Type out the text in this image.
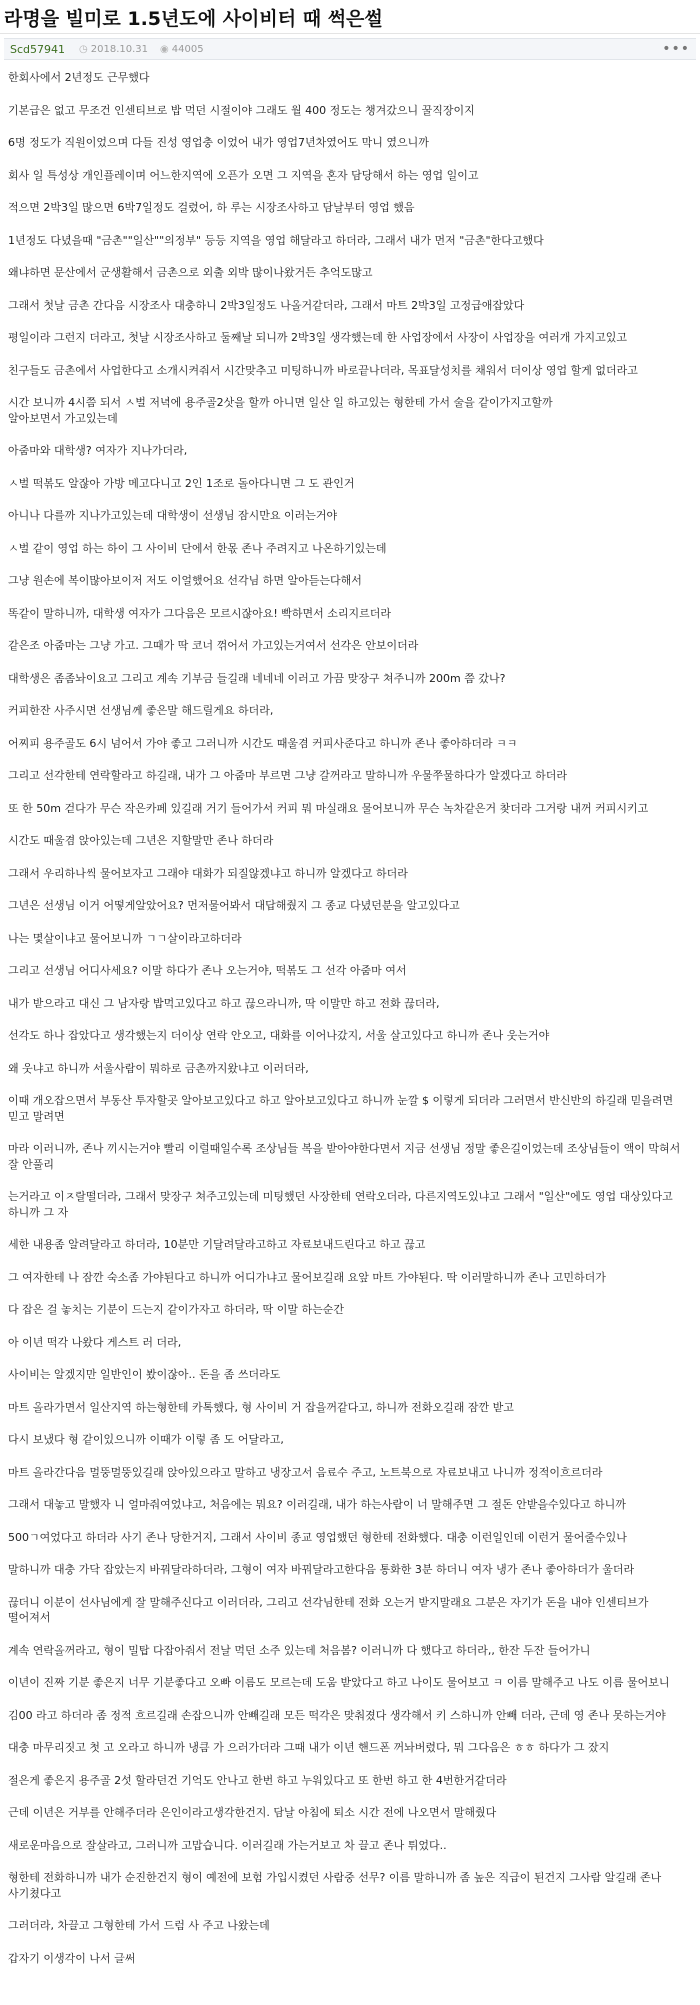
라명을 빌미로 1.5년도에 사이비터 때 썩은썰
Scd57941 ◷ 2018.10.31 ◉ 44005	•••

한회사에서 2년정도 근무했다

기본급은 없고 무조건 인센티브로 밥 먹던 시절이야 그래도 월 400 정도는 챙겨갔으니 꿀직장이지

6명 정도가 직원이었으며 다들 진성 영업충 이었어 내가 영업7년차였어도 막니 였으니까

회사 일 특성상 개인플레이며 어느한지역에 오픈가 오면 그 지역을 혼자 담당해서 하는 영업 일이고

적으면 2박3일 많으면 6박7일정도 걸렸어, 하 루는 시장조사하고 담날부터 영업 했음

1년정도 다녔을때 "금촌""일산""의정부" 등등 지역을 영업 해달라고 하더라, 그래서 내가 먼저 "금촌"한다고했다

왜냐하면 문산에서 군생활해서 금촌으로 외출 외박 많이나왔거든 추억도많고

그래서 첫날 금촌 간다음 시장조사 대충하니 2박3일정도 나올거같더라, 그래서 마트 2박3일 고정급애잡았다

평일이라 그런지 더라고, 첫날 시장조사하고 둘째날 되니까 2박3일 생각했는데 한 사업장에서 사장이 사업장을 여러개 가지고있고

친구들도 금촌에서 사업한다고 소개시켜줘서 시간맞추고 미팅하니까 바로끝나더라, 목표달성치를 채워서 더이상 영업 할게 없더라고

시간 보니까 4시쯤 되서 ㅅ벌 저녁에 용주골2삿을 할까 아니면 일산 일 하고있는 형한테 가서 술을 같이가지고할까
알아보면서 가고있는데

아줌마와 대학생? 여자가 지나가더라,

ㅅ벌 떡볶도 알잖아 가방 메고다니고 2인 1조로 돌아다니면 그 도 관인거

아니나 다를까 지나가고있는데 대학생이 선생님 잠시만요 이러는거야

ㅅ벌 같이 영업 하는 하이 그 사이비 단에서 한몫 존나 주려지고 나온하기있는데

그냥 원손에 복이많아보이저 저도 이얼했어요 선각님 하면 알아듣는다해서

똑같이 말하니까, 대학생 여자가 그다음은 모르시잖아요! 빡하면서 소리지르더라

같은조 아줌마는 그냥 가고. 그때가 딱 코너 꺾어서 가고있는거여서 선각은 안보이더라

대학생은 좀좀놔이요고 그리고 계속 기부금 들길래 네네네 이러고 가끔 맞장구 쳐주니까 200m 쯤 갔나?

커피한잔 사주시면 선생님께 좋은말 해드릴게요 하더라,

어찌피 용주골도 6시 넘어서 가야 좋고 그러니까 시간도 때울겸 커피사준다고 하니까 존나 좋아하더라 ㅋㅋ

그리고 선각한테 연락할라고 하길래, 내가 그 아줌마 부르면 그냥 갈꺼라고 말하니까 우물쭈물하다가 알겠다고 하더라

또 한 50m 걷다가 무슨 작은카페 있길래 거기 들어가서 커피 뭐 마실래요 물어보니까 무슨 녹차같은거 찾더라 그거랑 내꺼 커피시키고

시간도 때울겸 앉아있는데 그년은 지할말만 존나 하더라

그래서 우리하나씩 물어보자고 그래야 대화가 되질않겠냐고 하니까 알겠다고 하더라

그년은 선생님 이거 어떻게알았어요? 먼저물어봐서 대답해줬지 그 종교 다녔던분을 알고있다고

나는 몇살이냐고 물어보니까 ㄱㄱ살이라고하더라

그리고 선생님 어디사세요? 이말 하다가 존나 오는거야, 떡볶도 그 선각 아줌마 여서

내가 받으라고 대신 그 남자랑 밥먹고있다고 하고 끊으라니까, 딱 이말만 하고 전화 끊더라,

선각도 하나 잡았다고 생각했는지 더이상 연락 안오고, 대화를 이어나갔지, 서울 살고있다고 하니까 존나 웃는거야

왜 웃냐고 하니까 서울사람이 뭐하로 금촌까지왔냐고 이러더라,

이때 개오잡으면서 부동산 투자할곳 알아보고있다고 하고 알아보고있다고 하니까 눈깔 $ 이렇게 되더라 그러면서 반신반의 하길래 믿을려면 믿고 말려면

마라 이러니까, 존나 끼시는거야 빨리 이럴때일수록 조상님들 복을 받아야한다면서 지금 선생님 정말 좋은길이었는데 조상님들이 액이 막혀서 잘 안풀리

는거라고 이ㅈ랄떨더라, 그래서 맞장구 쳐주고있는데 미팅했던 사장한테 연락오더라, 다른지역도있냐고 그래서 "일산"에도 영업 대상있다고 하니까 그 자

세한 내용좀 알려달라고 하더라, 10분만 기달려달라고하고 자료보내드린다고 하고 끊고

그 여자한테 나 잠깐 숙소좀 가야된다고 하니까 어디가냐고 물어보길래 요앞 마트 가야된다. 딱 이러말하니까 존나 고민하더가

다 잡은 걸 놓치는 기분이 드는지 같이가자고 하더라, 딱 이말 하는순간

아 이년 떡각 나왔다 게스트 러 더라,

사이비는 알겠지만 일반인이 봤이잖아.. 돈을 좀 쓰더라도

마트 올라가면서 일산지역 하는형한테 카톡했다, 형 사이비 거 잡을꺼같다고, 하니까 전화오길래 잠깐 받고

다시 보냈다 형 같이있으니까 이때가 이렇 좀 도 어달라고,

마트 올라간다음 멀뚱멀뚱있길래 앉아있으라고 말하고 냉장고서 음료수 주고, 노트북으로 자료보내고 나니까 정적이흐르더라

그래서 대놓고 말했자 니 얼마줘여었냐고, 처음에는 뭐요? 이러길래, 내가 하는사람이 너 말해주면 그 절돈 안받을수있다고 하니까

500ㄱ여었다고 하더라 사기 존나 당한거지, 그래서 사이비 종교 영업했던 형한테 전화했다. 대충 이런일인데 이런거 물어줄수있나

말하니까 대충 가닥 잡았는지 바꿔달라하더라, 그형이 여자 바꿔달라고한다음 통화한 3분 하더니 여자 냉가 존나 좋아하더가 울더라

끊더니 이분이 선사님에게 잘 말해주신다고 이러더라, 그리고 선각님한테 전화 오는거 받지말래요 그분은 자기가 돈을 내야 인센티브가 떨어져서

계속 연락올꺼라고, 형이 밀탑 다잡아줘서 전날 먹던 소주 있는데 처음봄? 이러니까 다 했다고 하더라,, 한잔 두잔 들어가니

이년이 진짜 기분 좋은지 너무 기분좋다고 오빠 이름도 모르는데 도움 받았다고 하고 나이도 물어보고 ㅋ 이름 말해주고 나도 이름 물어보니

김00 라고 하더라 좀 정적 흐르길래 손잡으니까 안빼길래 모든 떡각은 맞춰졌다 생각해서 키 스하니까 안빼 더라, 근데 영 존나 못하는거야

대충 마무리짓고 첫 고 오라고 하니까 냉큼 가 으러가더라 그때 내가 이년 핸드폰 꺼놔버렸다, 뭐 그다음은 ㅎㅎ 하다가 그 잤지

절은게 좋은지 용주골 2섯 할라던건 기억도 안나고 한번 하고 누워있다고 또 한번 하고 한 4번한거같더라

근데 이년은 거부를 안해주더라 은인이라고생각한건지. 담날 아침에 퇴소 시간 전에 나오면서 말해줬다

새로운마음으로 잘살라고, 그러니까 고맙습니다. 이러길래 가는거보고 차 끌고 존나 튀었다..

형한테 전화하니까 내가 순진한건지 형이 예전에 보험 가입시켰던 사람중 선무? 이름 말하니까 좀 높은 직급이 된건지 그사람 알길래 존나 사기쳤다고

그러더라, 차끌고 그형한테 가서 드럼 사 주고 나왔는데

갑자기 이생각이 나서 글써
